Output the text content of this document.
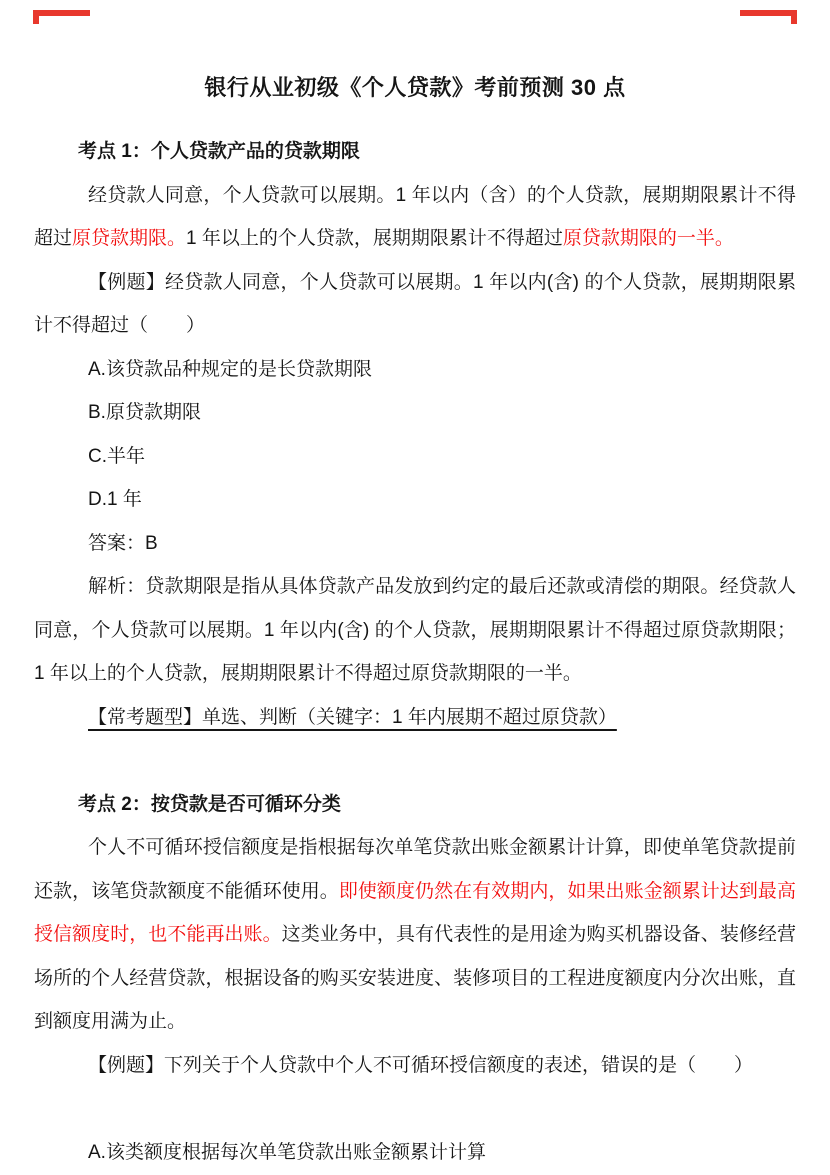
银行从业初级《个人贷款》考前预测 30 点
考点 1：个人贷款产品的贷款期限

经贷款人同意，个人贷款可以展期。1 年以内（含）的个人贷款，展期期限累计不得超过原贷款期限。1 年以上的个人贷款，展期期限累计不得超过原贷款期限的一半。

【例题】经贷款人同意，个人贷款可以展期。1 年以内(含) 的个人贷款，展期期限累计不得超过（　　）

A.该贷款品种规定的是长贷款期限

B.原贷款期限

C.半年

D.1 年

答案：B

解析：贷款期限是指从具体贷款产品发放到约定的最后还款或清偿的期限。经贷款人同意，个人贷款可以展期。1 年以内(含) 的个人贷款，展期期限累计不得超过原贷款期限；1 年以上的个人贷款，展期期限累计不得超过原贷款期限的一半。

【常考题型】单选、判断（关键字：1 年内展期不超过原贷款）

考点 2：按贷款是否可循环分类

个人不可循环授信额度是指根据每次单笔贷款出账金额累计计算，即使单笔贷款提前还款，该笔贷款额度不能循环使用。即使额度仍然在有效期内，如果出账金额累计达到最高授信额度时，也不能再出账。这类业务中，具有代表性的是用途为购买机器设备、装修经营场所的个人经营贷款，根据设备的购买安装进度、装修项目的工程进度额度内分次出账，直到额度用满为止。

【例题】下列关于个人贷款中个人不可循环授信额度的表述，错误的是（　　）

A.该类额度根据每次单笔贷款出账金额累计计算
